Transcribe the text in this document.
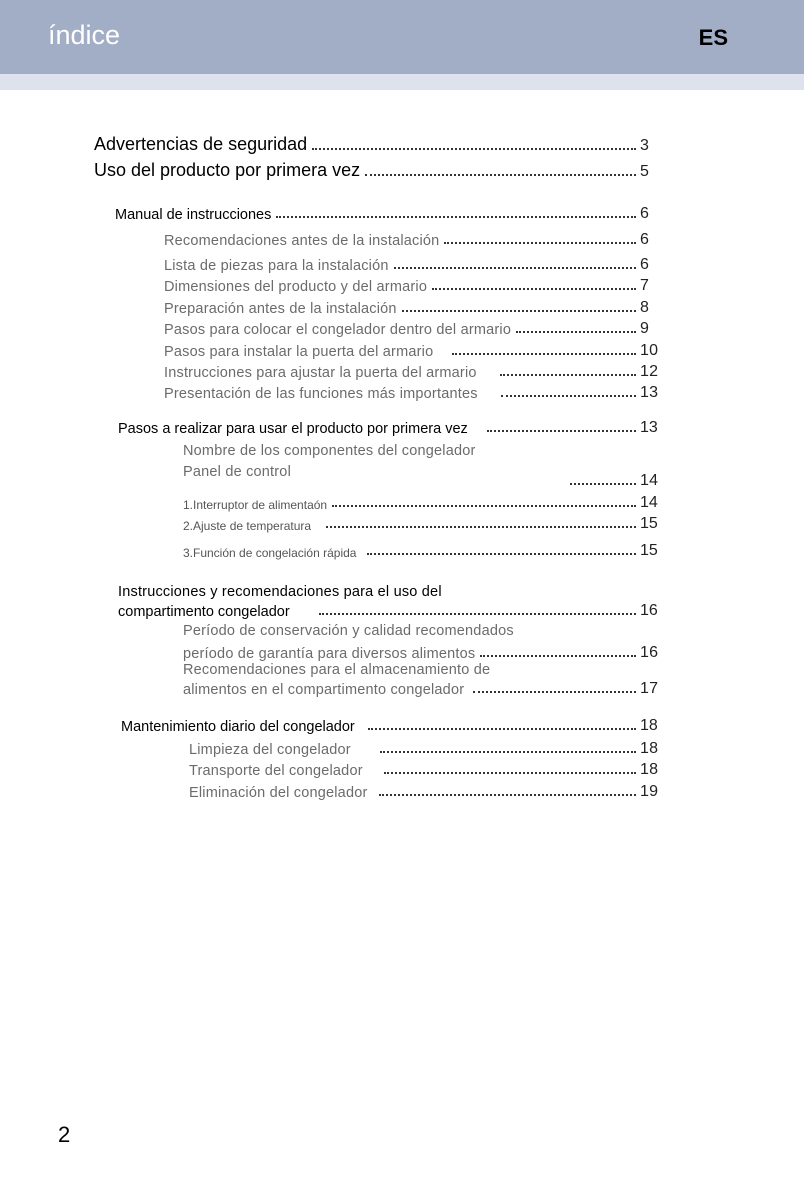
índice	ES
Advertencias de seguridad	3
Uso del producto por primera vez	5
Manual de instrucciones	6
Recomendaciones antes de la instalación	6
Lista de piezas para la instalación	6
Dimensiones del producto y del armario	7
Preparación antes de la instalación	8
Pasos para colocar el congelador dentro del armario	9
Pasos para instalar la puerta del armario	10
Instrucciones para ajustar la puerta del armario	12
Presentación de las funciones más importantes	13
Pasos a realizar para usar el producto por primera vez	13
Nombre de los componentes del congelador
Panel de control	14
1.Interruptor de alimentaón	14
2.Ajuste de temperatura	15
3.Función de congelación rápida	15
Instrucciones y recomendaciones para el uso del
compartimento congelador	16
Período de conservación y calidad recomendados
período de garantía para diversos alimentos	16
Recomendaciones para el almacenamiento de
alimentos en el compartimento congelador	17
Mantenimiento diario del congelador	18
Limpieza del congelador	18
Transporte del congelador	18
Eliminación del congelador	19
2
